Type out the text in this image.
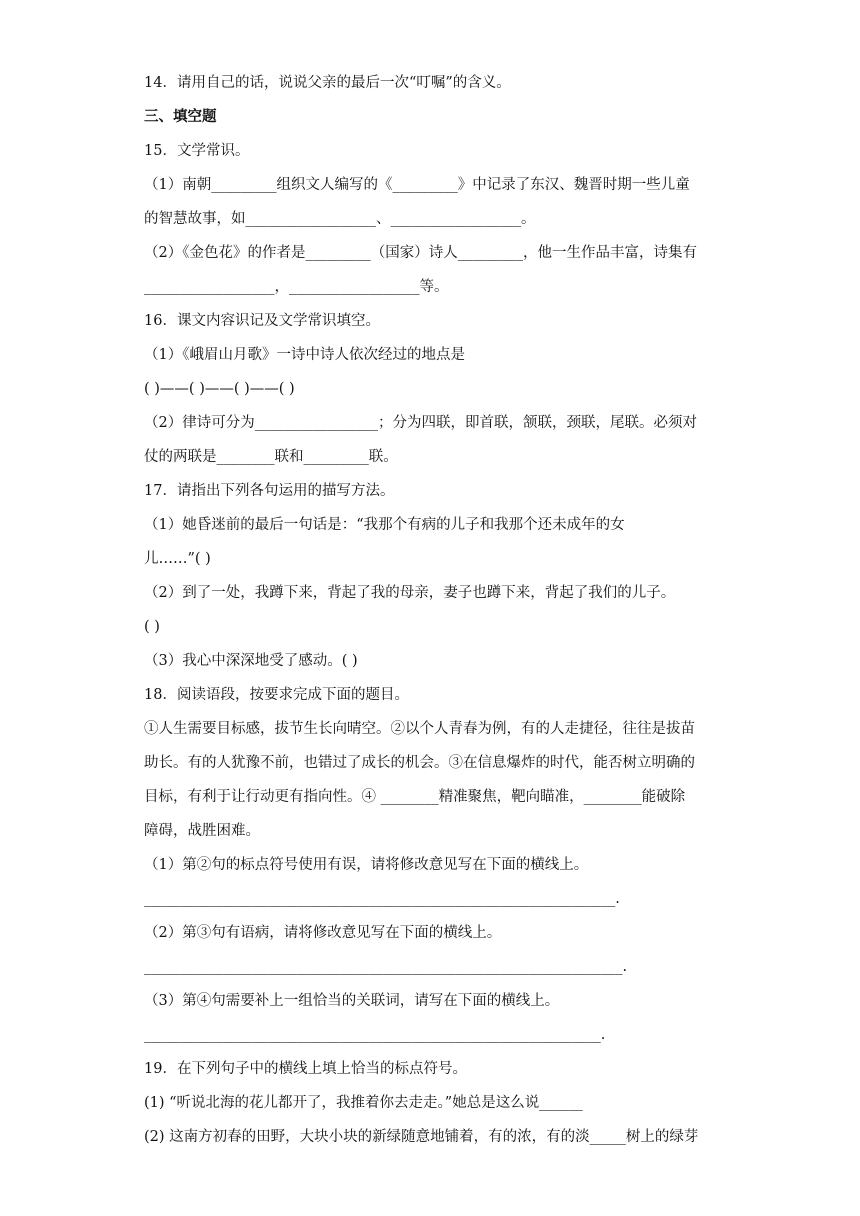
14．请用自己的话，说说父亲的最后一次“叮嘱”的含义。
三、填空题
15．文学常识。
（1）南朝_________组织文人编写的《_________》中记录了东汉、魏晋时期一些儿童
的智慧故事，如__________________、__________________。
（2）《金色花》的作者是_________（国家）诗人_________，他一生作品丰富，诗集有
__________________，__________________等。
16．课文内容识记及文学常识填空。
（1）《峨眉山月歌》一诗中诗人依次经过的地点是
( )——( )——( )——( )
（2）律诗可分为_________________；分为四联，即首联，颔联，颈联，尾联。必须对
仗的两联是________联和_________联。
17．请指出下列各句运用的描写方法。
（1）她昏迷前的最后一句话是：“我那个有病的儿子和我那个还未成年的女
儿……”( )
（2）到了一处，我蹲下来，背起了我的母亲，妻子也蹲下来，背起了我们的儿子。
( )
（3）我心中深深地受了感动。( )
18．阅读语段，按要求完成下面的题目。
①人生需要目标感，拔节生长向晴空。②以个人青春为例，有的人走捷径，往往是拔苗
助长。有的人犹豫不前，也错过了成长的机会。③在信息爆炸的时代，能否树立明确的
目标，有利于让行动更有指向性。④ ________精准聚焦，靶向瞄准，________能破除
障碍，战胜困难。
（1）第②句的标点符号使用有误，请将修改意见写在下面的横线上。
_________________________________________________________________.
（2）第③句有语病，请将修改意见写在下面的横线上。
__________________________________________________________________.
（3）第④句需要补上一组恰当的关联词，请写在下面的横线上。
_______________________________________________________________.
19．在下列句子中的横线上填上恰当的标点符号。
(1) “听说北海的花儿都开了，我推着你去走走。”她总是这么说______
(2) 这南方初春的田野，大块小块的新绿随意地铺着，有的浓，有的淡_____树上的绿芽
